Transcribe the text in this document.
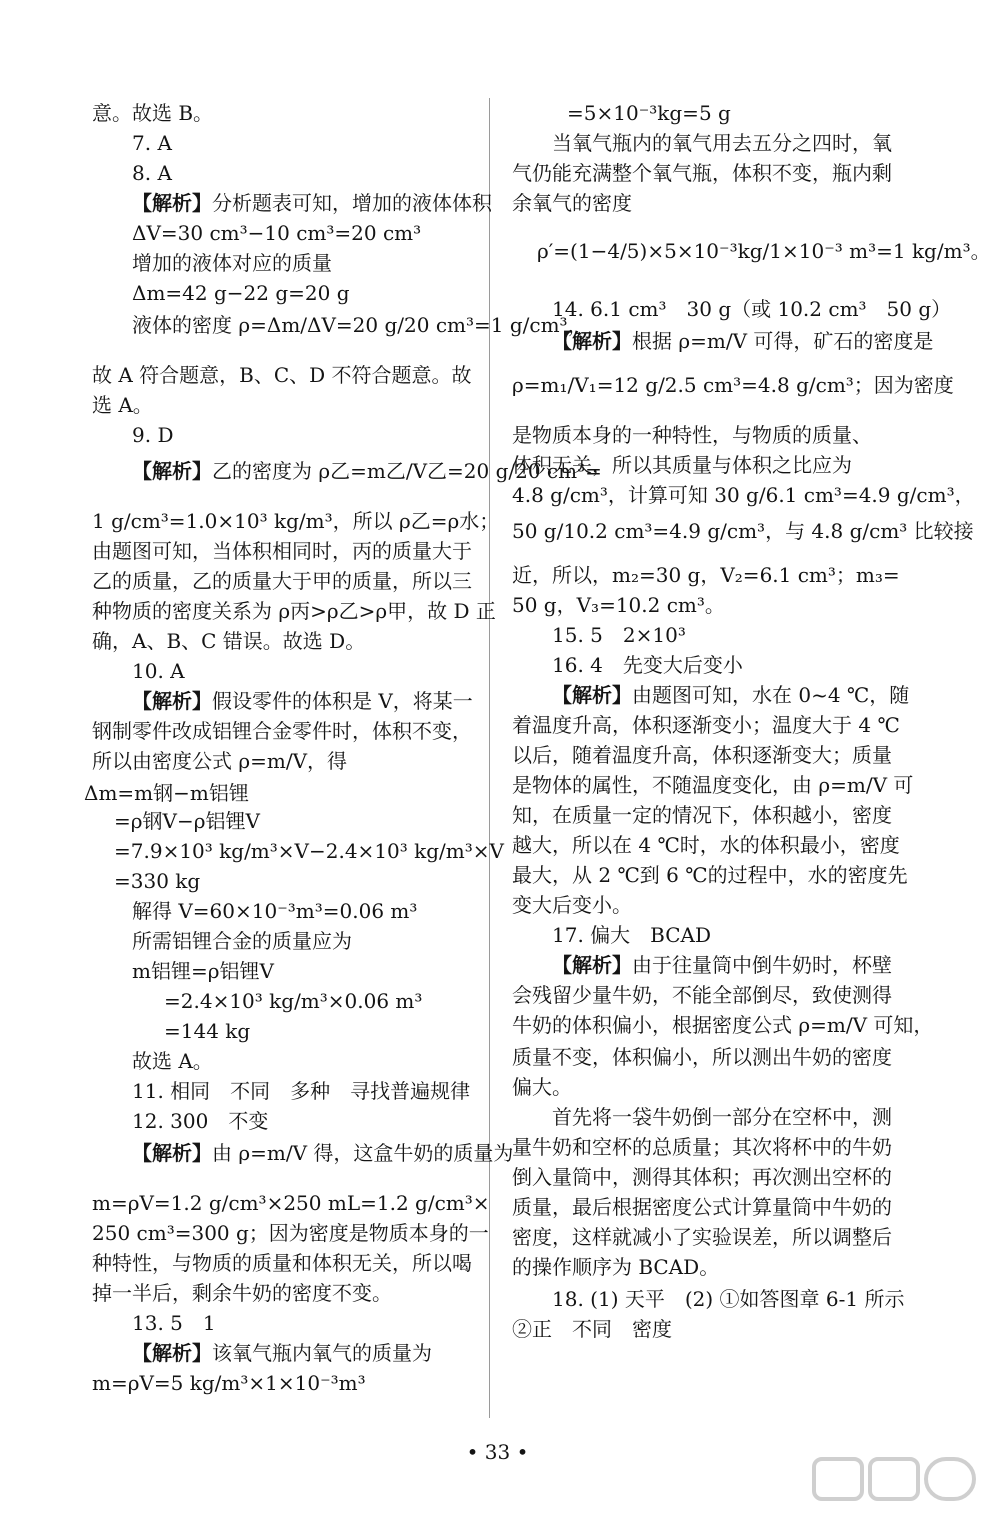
意。故选 B。
7. A
8. A
【解析】分析题表可知，增加的液体体积
ΔV=30 cm³−10 cm³=20 cm³
增加的液体对应的质量
Δm=42 g−22 g=20 g
液体的密度 ρ=Δm/ΔV=20 g/20 cm³=1 g/cm³，
故 A 符合题意，B、C、D 不符合题意。故
选 A。
9. D
【解析】乙的密度为 ρ乙=m乙/V乙=20 g/20 cm³=
1 g/cm³=1.0×10³ kg/m³，所以 ρ乙=ρ水；
由题图可知，当体积相同时，丙的质量大于
乙的质量，乙的质量大于甲的质量，所以三
种物质的密度关系为 ρ丙>ρ乙>ρ甲，故 D 正
确，A、B、C 错误。故选 D。
10. A
【解析】假设零件的体积是 V，将某一
钢制零件改成铝锂合金零件时，体积不变，
所以由密度公式 ρ=m/V，得
Δm=m钢−m铝锂
=ρ钢V−ρ铝锂V
=7.9×10³ kg/m³×V−2.4×10³ kg/m³×V
=330 kg
解得 V=60×10⁻³m³=0.06 m³
所需铝锂合金的质量应为
m铝锂=ρ铝锂V
=2.4×10³ kg/m³×0.06 m³
=144 kg
故选 A。
11. 相同　不同　多种　寻找普遍规律
12. 300　不变
【解析】由 ρ=m/V 得，这盒牛奶的质量为
m=ρV=1.2 g/cm³×250 mL=1.2 g/cm³×
250 cm³=300 g；因为密度是物质本身的一
种特性，与物质的质量和体积无关，所以喝
掉一半后，剩余牛奶的密度不变。
13. 5　1
【解析】该氧气瓶内氧气的质量为
m=ρV=5 kg/m³×1×10⁻³m³
=5×10⁻³kg=5 g
当氧气瓶内的氧气用去五分之四时，氧
气仍能充满整个氧气瓶，体积不变，瓶内剩
余氧气的密度
ρ′=(1−4/5)×5×10⁻³kg/1×10⁻³ m³=1 kg/m³。
14. 6.1 cm³　30 g（或 10.2 cm³　50 g）
【解析】根据 ρ=m/V 可得，矿石的密度是
ρ=m₁/V₁=12 g/2.5 cm³=4.8 g/cm³；因为密度
是物质本身的一种特性，与物质的质量、
体积无关，所以其质量与体积之比应为
4.8 g/cm³，计算可知 30 g/6.1 cm³=4.9 g/cm³，
50 g/10.2 cm³=4.9 g/cm³，与 4.8 g/cm³ 比较接
近，所以，m₂=30 g，V₂=6.1 cm³；m₃=
50 g，V₃=10.2 cm³。
15. 5　2×10³
16. 4　先变大后变小
【解析】由题图可知，水在 0~4 ℃，随
着温度升高，体积逐渐变小；温度大于 4 ℃
以后，随着温度升高，体积逐渐变大；质量
是物体的属性，不随温度变化，由 ρ=m/V 可
知，在质量一定的情况下，体积越小，密度
越大，所以在 4 ℃时，水的体积最小，密度
最大，从 2 ℃到 6 ℃的过程中，水的密度先
变大后变小。
17. 偏大　BCAD
【解析】由于往量筒中倒牛奶时，杯壁
会残留少量牛奶，不能全部倒尽，致使测得
牛奶的体积偏小，根据密度公式 ρ=m/V 可知，
质量不变，体积偏小，所以测出牛奶的密度
偏大。
首先将一袋牛奶倒一部分在空杯中，测
量牛奶和空杯的总质量；其次将杯中的牛奶
倒入量筒中，测得其体积；再次测出空杯的
质量，最后根据密度公式计算量筒中牛奶的
密度，这样就减小了实验误差，所以调整后
的操作顺序为 BCAD。
18. (1) 天平　(2) ①如答图章 6-1 所示
②正　不同　密度
• 33 •
